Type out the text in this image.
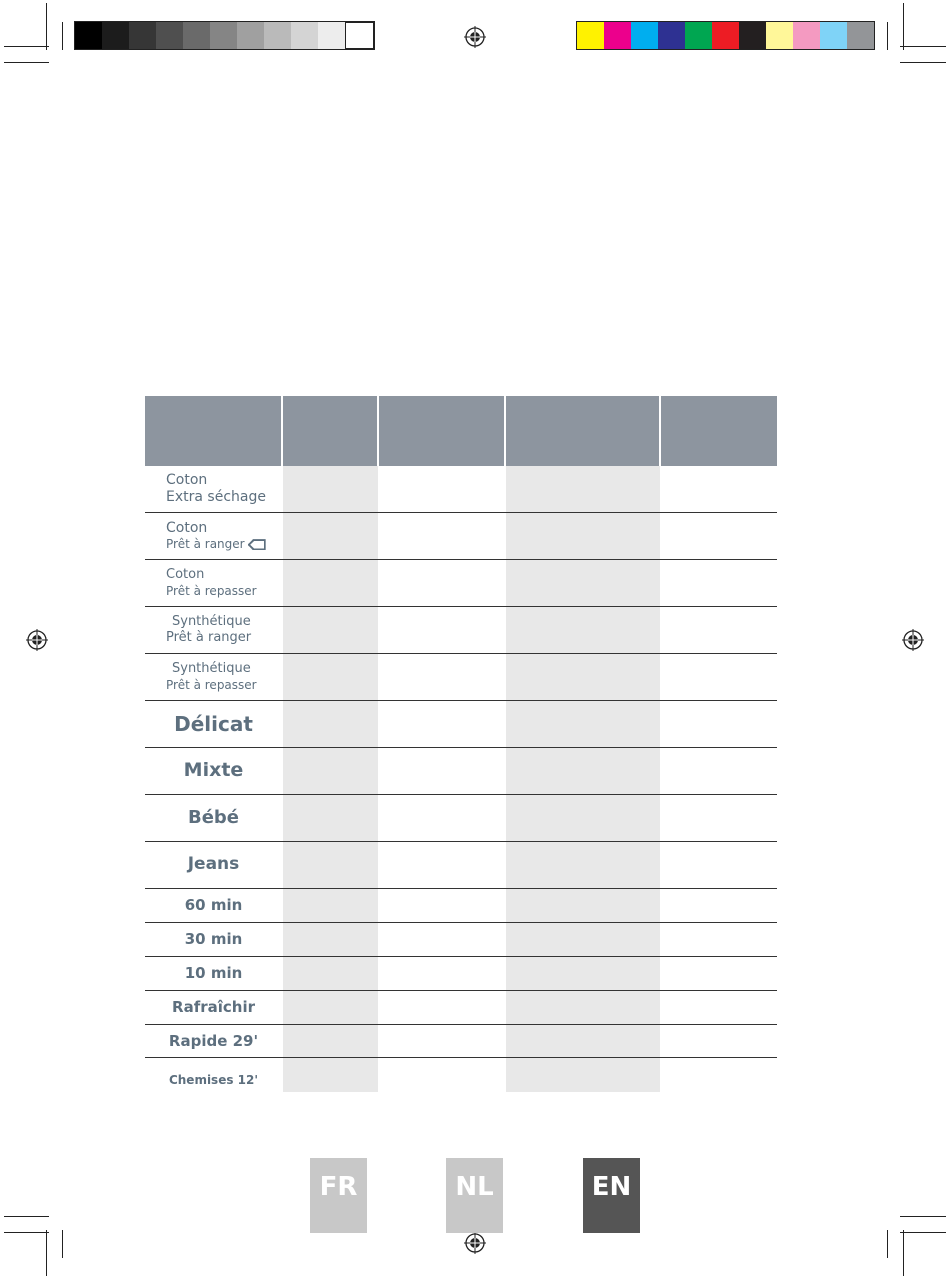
Coton
Extra séchage
Coton
Prêt à ranger
Coton
Prêt à repasser
Synthétique
Prêt à ranger
Synthétique
Prêt à repasser
Délicat
Mixte
Bébé
Jeans
60 min
30 min
10 min
Rafraîchir
Rapide 29'
Chemises 12'
FR	NL	EN
